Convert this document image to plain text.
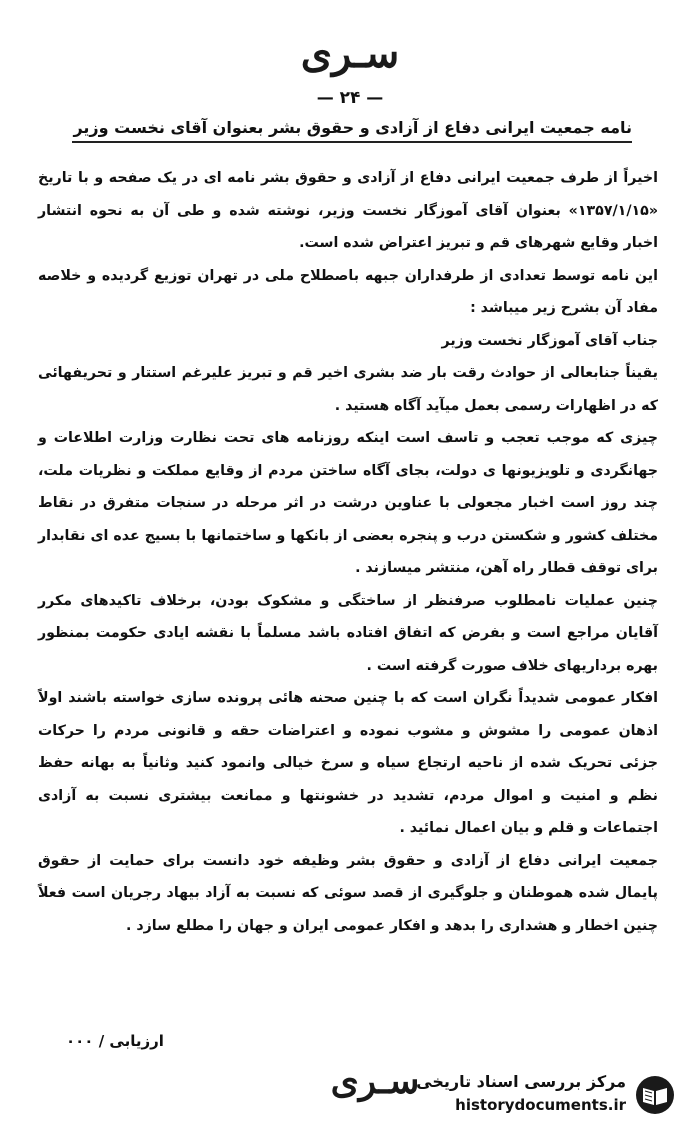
سـری
— ۲۴ —
نامه جمعیت ایرانی دفاع از آزادی و حقوق بشر بعنوان آقای نخست وزیر

اخیراً از طرف جمعیت ایرانی دفاع از آزادی و حقوق بشر نامه ای در یک صفحه و با تاریخ «۱۳۵۷/۱/۱۵» بعنوان آقای آموزگار نخست وزیر، نوشته شده و طی آن به نحوه انتشار اخبار وقایع شهرهای قم و تبریز اعتراض شده است.

این نامه توسط تعدادی از طرفداران جبهه باصطلاح ملی در تهران توزیع گردیده و خلاصه مفاد آن بشرح زیر میباشد :

جناب آقای آموزگار نخست وزیر

یقیناً جنابعالی از حوادث رقت بار ضد بشری اخیر قم و تبریز علیرغم استتار و تحریفهائی که در اظهارات رسمی بعمل میآید آگاه هستید .

چیزی که موجب تعجب و تاسف است اینکه روزنامه های تحت نظارت وزارت اطلاعات و جهانگردی و تلویزیونها ی دولت، بجای آگاه ساختن مردم از وقایع مملکت و نظریات ملت، چند روز است اخبار مجعولی با عناوین درشت در اثر مرحله در سنجات متفرق در نقاط مختلف کشور و شکستن درب و پنجره بعضی از بانکها و ساختمانها با بسیج عده ای نقابدار برای توقف قطار راه آهن، منتشر میسازند .

چنین عملیات نامطلوب صرفنظر از ساختگی و مشکوک بودن، برخلاف تاکیدهای مکرر آقایان مراجع است و بفرض که اتفاق افتاده باشد مسلماً با نقشه ایادی حکومت بمنظور بهره برداریهای خلاف صورت گرفته است .

افکار عمومی شدیداً نگران است که با چنین صحنه هائی پرونده سازی خواسته باشند اولاً اذهان عمومی را مشوش و مشوب نموده و اعتراضات حقه و قانونی مردم را حرکات جزئی تحریک شده از ناحیه ارتجاع سیاه و سرخ خیالی وانمود کنید وثانیاً به بهانه حفظ نظم و امنیت و اموال مردم، تشدید در خشونتها و ممانعت بیشتری نسبت به آزادی اجتماعات و قلم و بیان اعمال نمائید .

جمعیت ایرانی دفاع از آزادی و حقوق بشر وظیفه خود دانست برای حمایت از حقوق پایمال شده هموطنان و جلوگیری از قصد سوئی که نسبت به آزاد بیهاد رجریان است فعلاً چنین اخطار و هشداری را بدهد و افکار عمومی ایران و جهان را مطلع سازد .

ارزیابی / ۰۰۰
سـری
مرکز بررسی اسناد تاریخی
historydocuments.ir
